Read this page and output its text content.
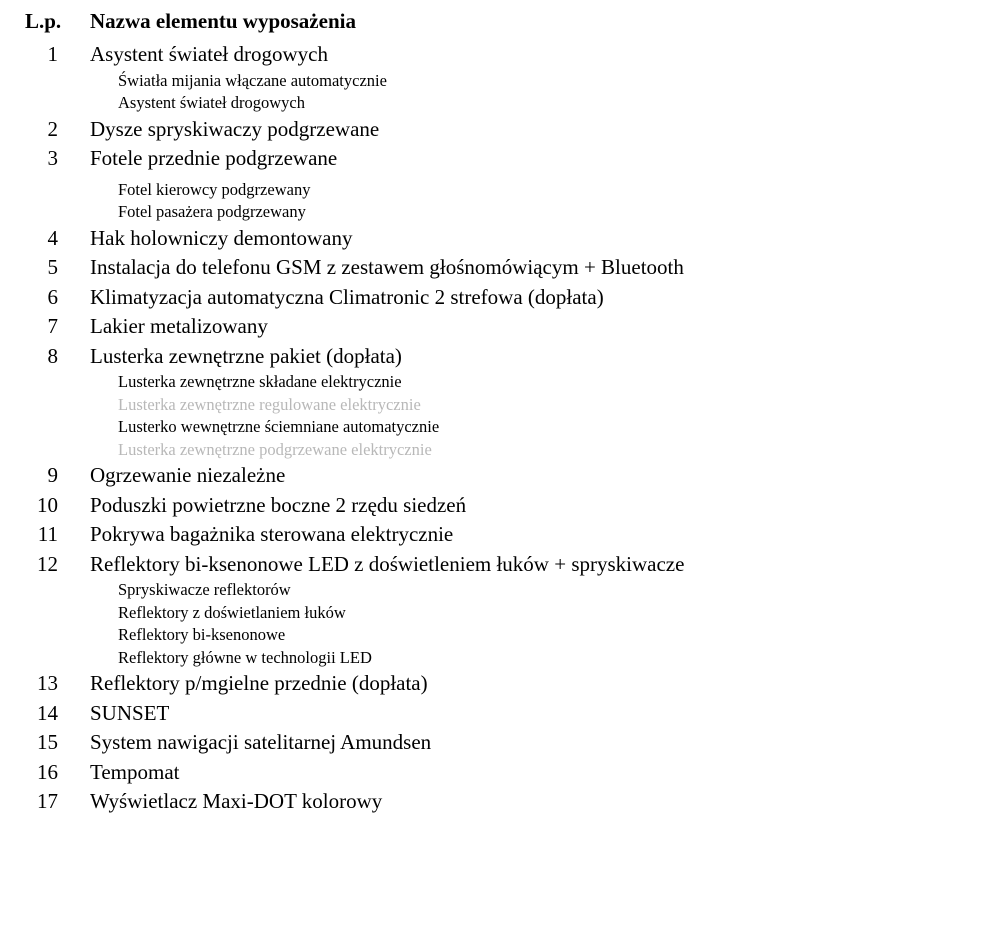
L.p. Nazwa elementu wyposażenia
1 Asystent świateł drogowych
Światła mijania włączane automatycznie
Asystent świateł drogowych
2 Dysze spryskiwaczy podgrzewane
3 Fotele przednie podgrzewane
Fotel kierowcy podgrzewany
Fotel pasażera podgrzewany
4 Hak holowniczy demontowany
5 Instalacja do telefonu GSM z zestawem głośnomówiącym + Bluetooth
6 Klimatyzacja automatyczna Climatronic 2 strefowa (dopłata)
7 Lakier metalizowany
8 Lusterka zewnętrzne pakiet (dopłata)
Lusterka zewnętrzne składane elektrycznie
Lusterka zewnętrzne regulowane elektrycznie
Lusterko wewnętrzne ściemniane automatycznie
Lusterka zewnętrzne podgrzewane elektrycznie
9 Ogrzewanie niezależne
10 Poduszki powietrzne boczne 2 rzędu siedzeń
11 Pokrywa bagażnika sterowana elektrycznie
12 Reflektory bi-ksenonowe LED z doświetleniem łuków + spryskiwacze
Spryskiwacze reflektorów
Reflektory z doświetlaniem łuków
Reflektory bi-ksenonowe
Reflektory główne w technologii LED
13 Reflektory p/mgielne przednie (dopłata)
14 SUNSET
15 System nawigacji satelitarnej Amundsen
16 Tempomat
17 Wyświetlacz Maxi-DOT kolorowy
